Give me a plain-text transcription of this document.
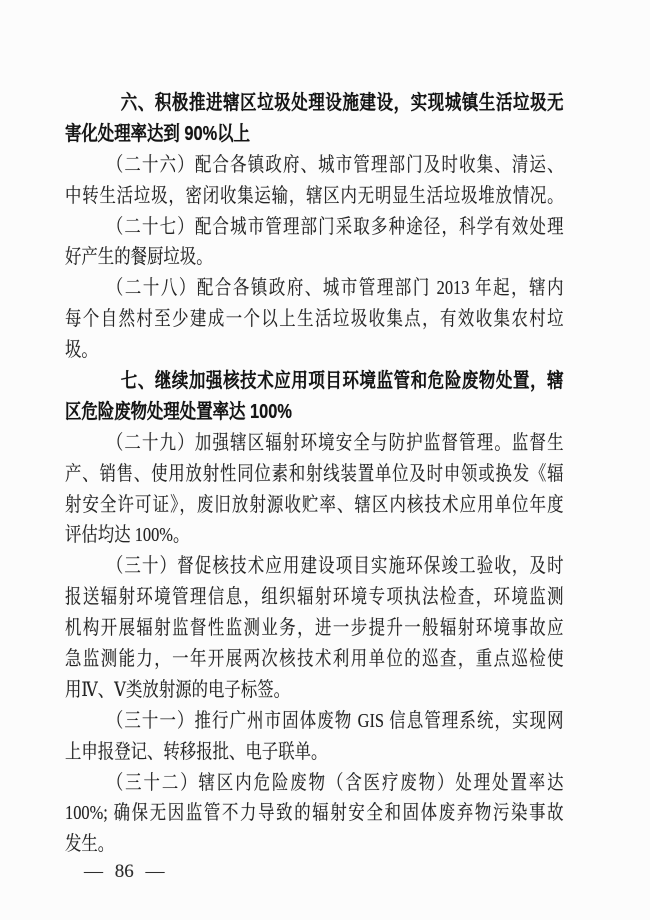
六、积极推进辖区垃圾处理设施建设，实现城镇生活垃圾无
害化处理率达到 90%以上
（二十六）配合各镇政府、城市管理部门及时收集、清运、
中转生活垃圾，密闭收集运输，辖区内无明显生活垃圾堆放情况。
（二十七）配合城市管理部门采取多种途径，科学有效处理
好产生的餐厨垃圾。
（二十八）配合各镇政府、城市管理部门 2013 年起，辖内
每个自然村至少建成一个以上生活垃圾收集点，有效收集农村垃
圾。
七、继续加强核技术应用项目环境监管和危险废物处置，辖
区危险废物处理处置率达 100%
（二十九）加强辖区辐射环境安全与防护监督管理。监督生
产、销售、使用放射性同位素和射线装置单位及时申领或换发《辐
射安全许可证》，废旧放射源收贮率、辖区内核技术应用单位年度
评估均达 100%。
（三十）督促核技术应用建设项目实施环保竣工验收，及时
报送辐射环境管理信息，组织辐射环境专项执法检查，环境监测
机构开展辐射监督性监测业务，进一步提升一般辐射环境事故应
急监测能力，一年开展两次核技术利用单位的巡查，重点巡检使
用Ⅳ、Ⅴ类放射源的电子标签。
（三十一）推行广州市固体废物 GIS 信息管理系统，实现网
上申报登记、转移报批、电子联单。
（三十二）辖区内危险废物（含医疗废物）处理处置率达
100%; 确保无因监管不力导致的辐射安全和固体废弃物污染事故
发生。
— 86 —
